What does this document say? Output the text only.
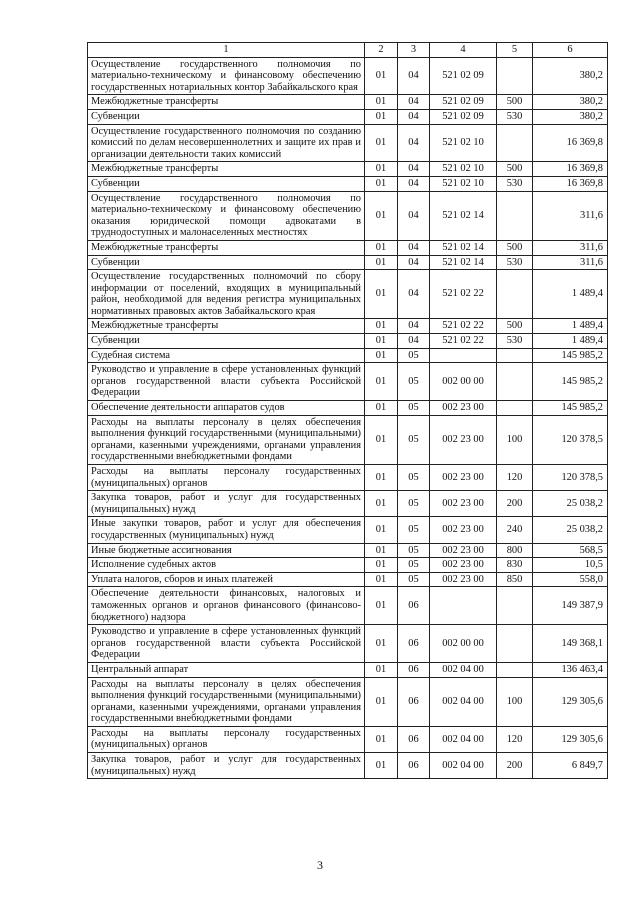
1	2	3	4	5	6
Осуществление государственного полномочия по материально-техническому и финансовому обеспечению государственных нотариальных контор Забайкальского края	01	04	521 02 09		380,2
Межбюджетные трансферты	01	04	521 02 09	500	380,2
Субвенции	01	04	521 02 09	530	380,2
Осуществление государственного полномочия по созданию комиссий по делам несовершеннолетних и защите их прав и организации деятельности таких комиссий	01	04	521 02 10		16 369,8
Межбюджетные трансферты	01	04	521 02 10	500	16 369,8
Субвенции	01	04	521 02 10	530	16 369,8
Осуществление государственного полномочия по материально-техническому и финансовому обеспечению оказания юридической помощи адвокатами в труднодоступных и малонаселенных местностях	01	04	521 02 14		311,6
Межбюджетные трансферты	01	04	521 02 14	500	311,6
Субвенции	01	04	521 02 14	530	311,6
Осуществление государственных полномочий по сбору информации от поселений, входящих в муниципальный район, необходимой для ведения регистра муниципальных нормативных правовых актов Забайкальского края	01	04	521 02 22		1 489,4
Межбюджетные трансферты	01	04	521 02 22	500	1 489,4
Субвенции	01	04	521 02 22	530	1 489,4
Судебная система	01	05			145 985,2
Руководство и управление в сфере установленных функций органов государственной власти субъекта Российской Федерации	01	05	002 00 00		145 985,2
Обеспечение деятельности аппаратов судов	01	05	002 23 00		145 985,2
Расходы на выплаты персоналу в целях обеспечения выполнения функций государственными (муниципальными) органами, казенными учреждениями, органами управления государственными внебюджетными фондами	01	05	002 23 00	100	120 378,5
Расходы на выплаты персоналу государственных (муниципальных) органов	01	05	002 23 00	120	120 378,5
Закупка товаров, работ и услуг для государственных (муниципальных) нужд	01	05	002 23 00	200	25 038,2
Иные закупки товаров, работ и услуг для обеспечения государственных (муниципальных) нужд	01	05	002 23 00	240	25 038,2
Иные бюджетные ассигнования	01	05	002 23 00	800	568,5
Исполнение судебных актов	01	05	002 23 00	830	10,5
Уплата налогов, сборов и иных платежей	01	05	002 23 00	850	558,0
Обеспечение деятельности финансовых, налоговых и таможенных органов и органов финансового (финансово-бюджетного) надзора	01	06			149 387,9
Руководство и управление в сфере установленных функций органов государственной власти субъекта Российской Федерации	01	06	002 00 00		149 368,1
Центральный аппарат	01	06	002 04 00		136 463,4
Расходы на выплаты персоналу в целях обеспечения выполнения функций государственными (муниципальными) органами, казенными учреждениями, органами управления государственными внебюджетными фондами	01	06	002 04 00	100	129 305,6
Расходы на выплаты персоналу государственных (муниципальных) органов	01	06	002 04 00	120	129 305,6
Закупка товаров, работ и услуг для государственных (муниципальных) нужд	01	06	002 04 00	200	6 849,7
3
